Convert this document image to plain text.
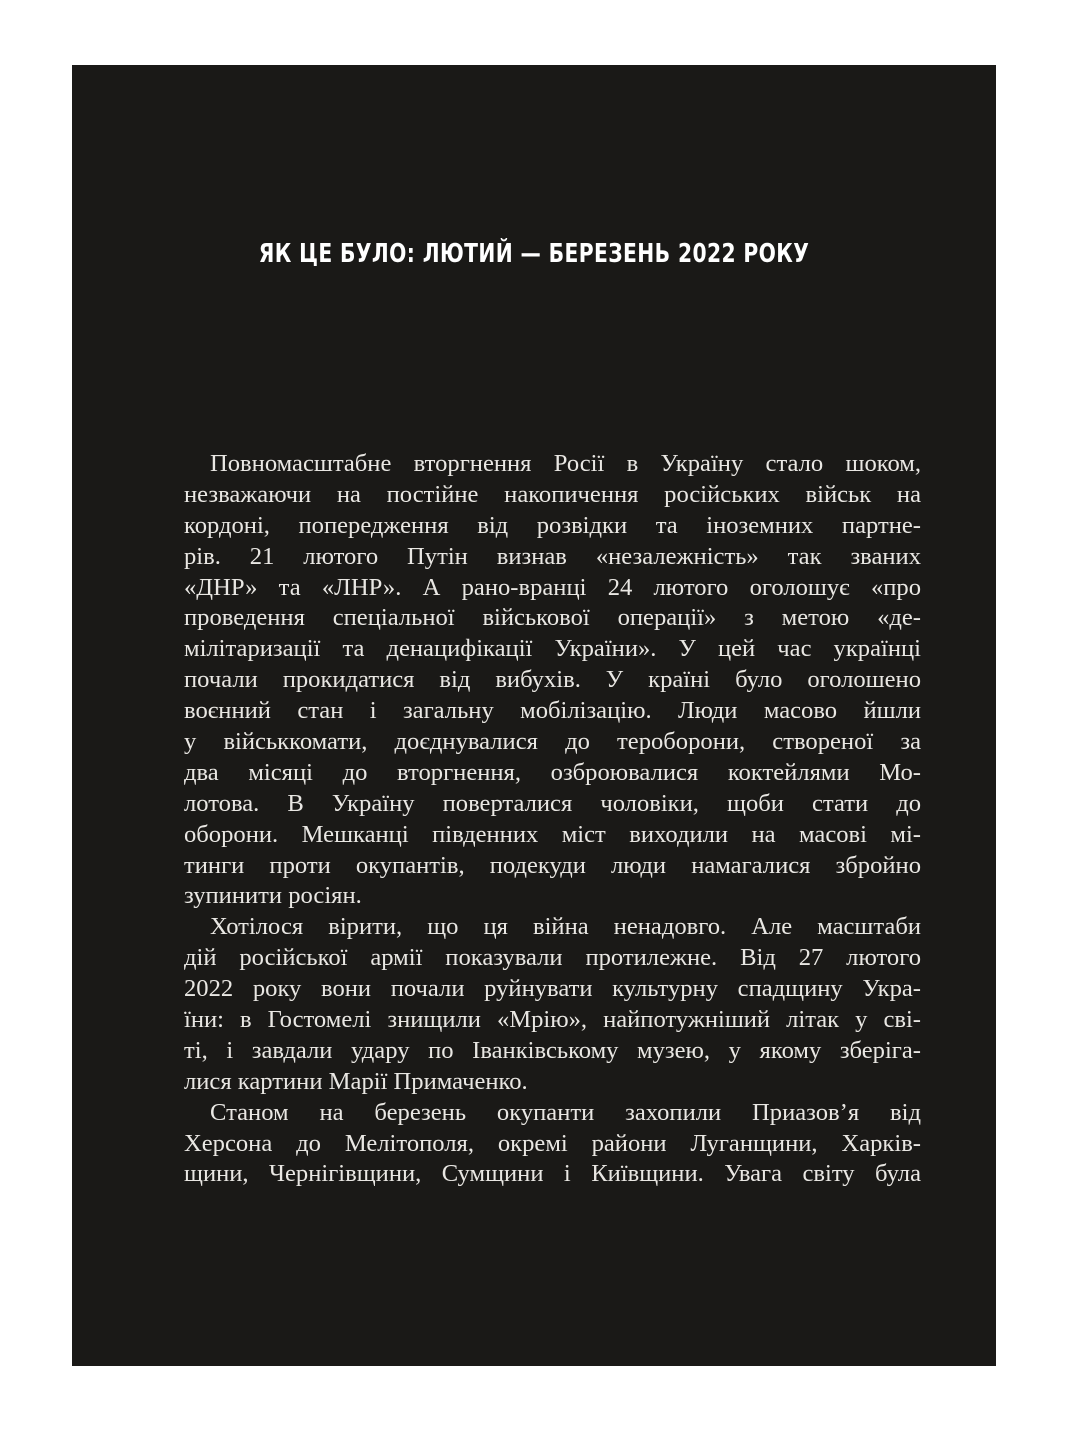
ЯК ЦЕ БУЛО: ЛЮТИЙ — БЕРЕЗЕНЬ 2022 РОКУ
Повномасштабне вторгнення Росії в Україну стало шоком,
незважаючи на постійне накопичення російських військ на
кордоні, попередження від розвідки та іноземних партне-
рів. 21 лютого Путін визнав «незалежність» так званих
«ДНР» та «ЛНР». А рано-вранці 24 лютого оголошує «про
проведення спеціальної військової операції» з метою «де-
мілітаризації та денацифікації України». У цей час українці
почали прокидатися від вибухів. У країні було оголошено
воєнний стан і загальну мобілізацію. Люди масово йшли
у військкомати, доєднувалися до тероборони, створеної за
два місяці до вторгнення, озброювалися коктейлями Мо-
лотова. В Україну поверталися чоловіки, щоби стати до
оборони. Мешканці південних міст виходили на масові мі-
тинги проти окупантів, подекуди люди намагалися збройно
зупинити росіян.
Хотілося вірити, що ця війна ненадовго. Але масштаби
дій російської армії показували протилежне. Від 27 лютого
2022 року вони почали руйнувати культурну спадщину Укра-
їни: в Гостомелі знищили «Мрію», найпотужніший літак у сві-
ті, і завдали удару по Іванківському музею, у якому зберіга-
лися картини Марії Примаченко.
Станом на березень окупанти захопили Приазов’я від
Херсона до Мелітополя, окремі райони Луганщини, Харків-
щини, Чернігівщини, Сумщини і Київщини. Увага світу була
